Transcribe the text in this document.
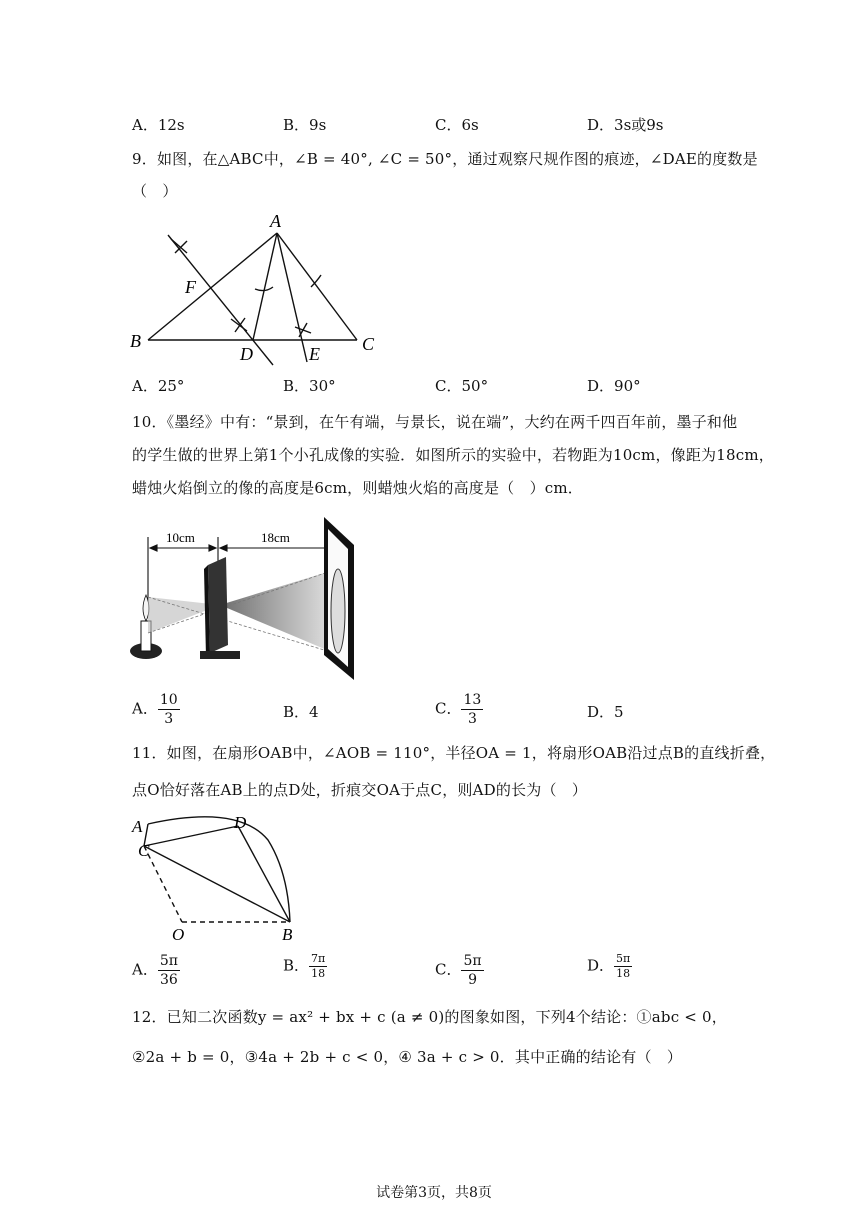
A．12s	B．9s	C．6s	D．3s或9s
9．如图，在△ABC中，∠B = 40°, ∠C = 50°，通过观察尺规作图的痕迹，∠DAE的度数是
（　）
A
F
B
D	E C
A．25°	B．30°	C．50°	D．90°
10．《墨经》中有：“景到，在午有端，与景长，说在端”，大约在两千四百年前，墨子和他
的学生做的世界上第1个小孔成像的实验．如图所示的实验中，若物距为10cm，像距为18cm，
蜡烛火焰倒立的像的高度是6cm，则蜡烛火焰的高度是（　）cm．
10cm	18cm
A． $\frac{10}{3}$	B．4	C． $\frac{13}{3}$	D．5
11．如图，在扇形OAB中，∠AOB = 110°，半径OA = 1，将扇形OAB沿过点B的直线折叠，
点O恰好落在AB上的点D处，折痕交OA于点C，则AD的长为（　）
A	D
C
O	B
A． $\frac{5\pi}{36}$	B． $\frac{7\pi}{18}$	C． $\frac{5\pi}{9}$	D． $\frac{5\pi}{18}$
12．已知二次函数y = ax² + bx + c (a ≠ 0)的图象如图，下列4个结论：①abc < 0，
②2a + b = 0，③4a + 2b + c < 0，④ 3a + c > 0．其中正确的结论有（　）
试卷第3页，共8页
